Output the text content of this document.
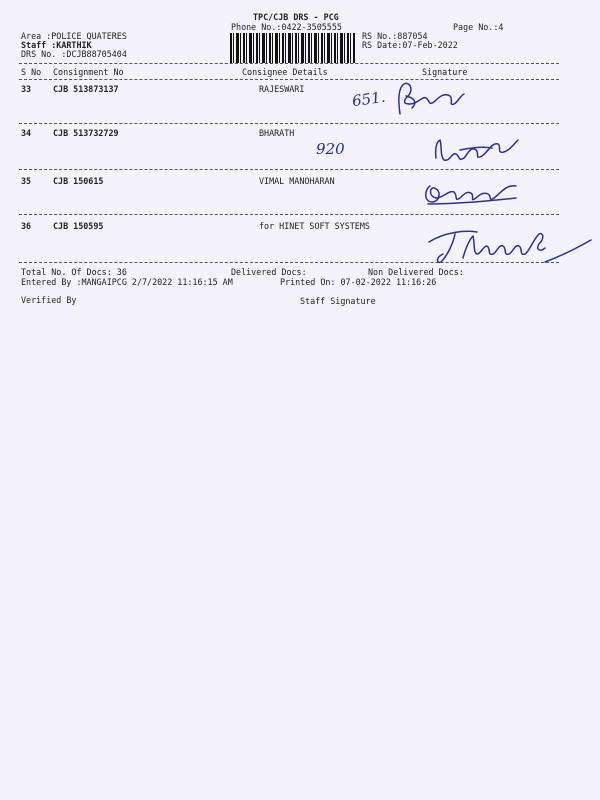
TPC/CJB DRS - PCG
Phone No.:0422-3505555	Page No.:4
Area :POLICE QUATERES
Staff :KARTHIK
DRS No. :DCJB88705404
RS No.:887054
RS Date:07-Feb-2022
S No Consignment No	Consignee Details	Signature
33	CJB 513873137	RAJESWARI	651.
34	CJB 513732729	BHARATH
920
35	CJB 150615	VIMAL MANOHARAN
36	CJB 150595	for HINET SOFT SYSTEMS
Total No. Of Docs: 36	Delivered Docs:	Non Delivered Docs:
Entered By :MANGAIPCG 2/7/2022 11:16:15 AM	Printed On: 07-02-2022 11:16:26
Verified By	Staff Signature
